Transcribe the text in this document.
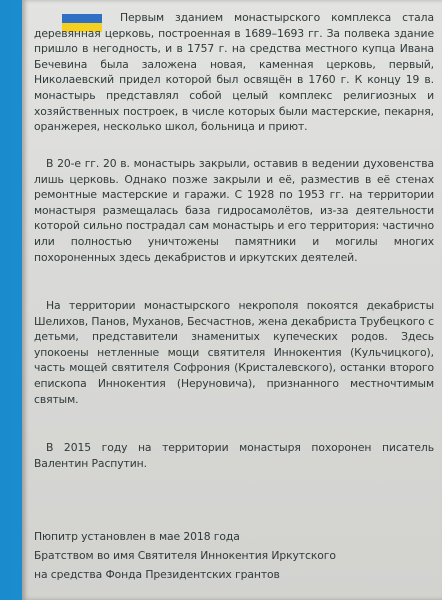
Первым зданием монастырского комплекса стала деревянная церковь, построенная в 1689–1693 гг. За полвека здание пришло в негодность, и в 1757 г. на средства местного купца Ивана Бечевина была заложена новая, каменная церковь, первый, Николаевский придел которой был освящён в 1760 г. К концу 19 в. монастырь представлял собой целый комплекс религиозных и хозяйственных построек, в числе которых были мастерские, пекарня, оранжерея, несколько школ, больница и приют.

В 20-е гг. 20 в. монастырь закрыли, оставив в ведении духовенства лишь церковь. Однако позже закрыли и её, разместив в её стенах ремонтные мастерские и гаражи. С 1928 по 1953 гг. на территории монастыря размещалась база гидросамолётов, из-за деятельности которой сильно пострадал сам монастырь и его территория: частично или полностью уничтожены памятники и могилы многих похороненных здесь декабристов и иркутских деятелей.

На территории монастырского некрополя покоятся декабристы Шелихов, Панов, Муханов, Бесчастнов, жена декабриста Трубецкого с детьми, представители знаменитых купеческих родов. Здесь упокоены нетленные мощи святителя Иннокентия (Кульчицкого), часть мощей святителя Софрония (Кристалевского), останки второго епископа Иннокентия (Неруновича), признанного местночтимым святым.

В 2015 году на территории монастыря похоронен писатель Валентин Распутин.

Пюпитр установлен в мае 2018 года
Братством во имя Святителя Иннокентия Иркутского
на средства Фонда Президентских грантов
